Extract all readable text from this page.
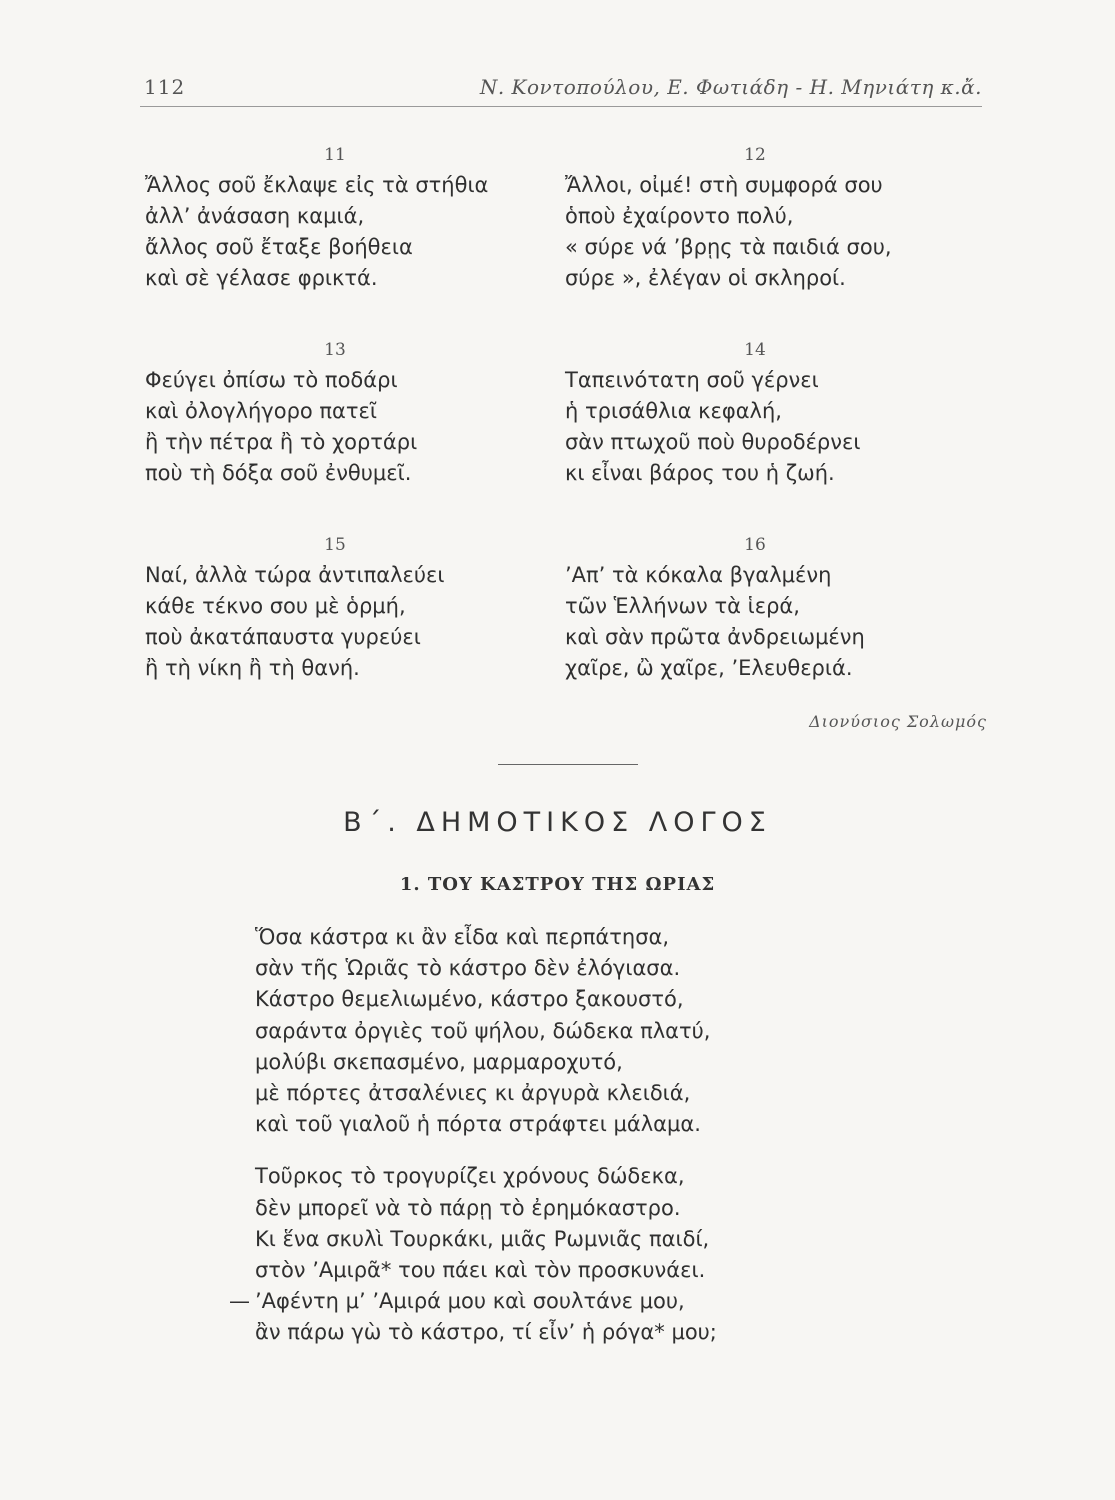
112	Ν. Κοντοπούλου, Ε. Φωτιάδη - Η. Μηνιάτη κ.ἄ.
11
Ἄλλος σοῦ ἔκλαψε εἰς τὰ στήθια
ἀλλ’ ἀνάσαση καμιά,
ἄλλος σοῦ ἔταξε βοήθεια
καὶ σὲ γέλασε φρικτά.
12
Ἄλλοι, οἰμέ! στὴ συμφορά σου
ὁποὺ ἐχαίροντο πολύ,
« σύρε νά ’βρῃς τὰ παιδιά σου,
σύρε », ἐλέγαν οἱ σκληροί.
13
Φεύγει ὀπίσω τὸ ποδάρι
καὶ ὀλογλήγορο πατεῖ
ἢ τὴν πέτρα ἢ τὸ χορτάρι
ποὺ τὴ δόξα σοῦ ἐνθυμεῖ.
14
Ταπεινότατη σοῦ γέρνει
ἡ τρισάθλια κεφαλή,
σὰν πτωχοῦ ποὺ θυροδέρνει
κι εἶναι βάρος του ἡ ζωή.
15
Ναί, ἀλλὰ τώρα ἀντιπαλεύει
κάθε τέκνο σου μὲ ὁρμή,
ποὺ ἀκατάπαυστα γυρεύει
ἢ τὴ νίκη ἢ τὴ θανή.
16
’Απ’ τὰ κόκαλα βγαλμένη
τῶν Ἑλλήνων τὰ ἱερά,
καὶ σὰν πρῶτα ἀνδρειωμένη
χαῖρε, ὢ χαῖρε, ’Ελευθεριά.
Διονύσιος Σολωμός
Β΄. ΔΗΜΟΤΙΚΟΣ ΛΟΓΟΣ
1. ΤΟΥ ΚΑΣΤΡΟΥ ΤΗΣ ΩΡΙΑΣ
Ὅσα κάστρα κι ἂν εἶδα καὶ περπάτησα,
σὰν τῆς Ὡριᾶς τὸ κάστρο δὲν ἐλόγιασα.
Κάστρο θεμελιωμένο, κάστρο ξακουστό,
σαράντα ὀργιὲς τοῦ ψήλου, δώδεκα πλατύ,
μολύβι σκεπασμένο, μαρμαροχυτό,
μὲ πόρτες ἀτσαλένιες κι ἀργυρὰ κλειδιά,
καὶ τοῦ γιαλοῦ ἡ πόρτα στράφτει μάλαμα.
Τοῦρκος τὸ τρογυρίζει χρόνους δώδεκα,
δὲν μπορεῖ νὰ τὸ πάρῃ τὸ ἐρημόκαστρο.
Κι ἕνα σκυλὶ Τουρκάκι, μιᾶς Ρωμνιᾶς παιδί,
στὸν ’Αμιρᾶ* του πάει καὶ τὸν προσκυνάει.
— ’Αφέντη μ’ ’Αμιρά μου καὶ σουλτάνε μου,
ἂν πάρω γὼ τὸ κάστρο, τί εἶν’ ἡ ρόγα* μου;
